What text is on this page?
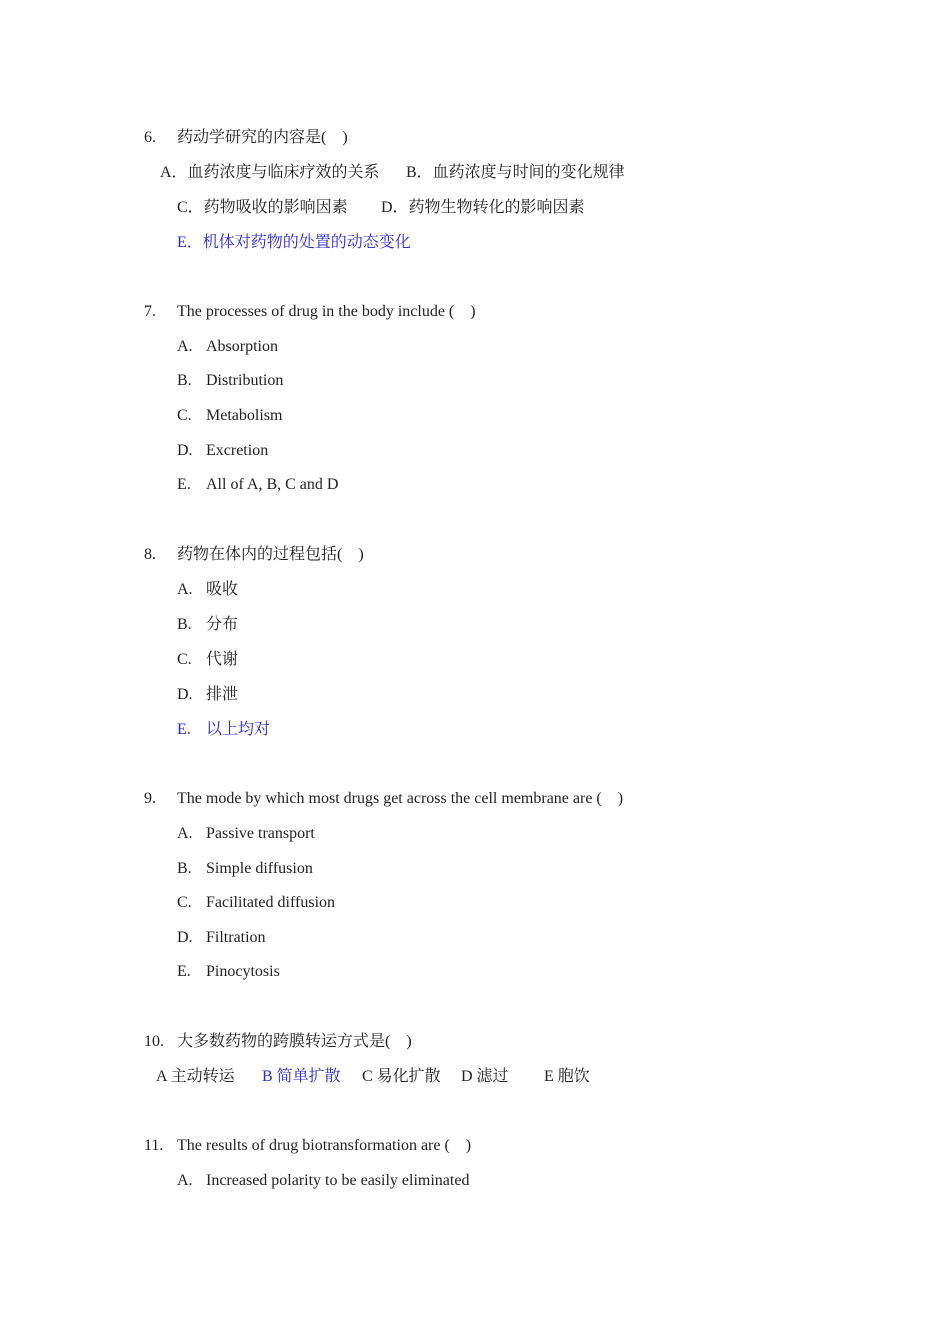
6. 药动学研究的内容是(    )
A．血药浓度与临床疗效的关系 B．血药浓度与时间的变化规律
C．药物吸收的影响因素 D．药物生物转化的影响因素
E．机体对药物的处置的动态变化
7. The processes of drug in the body include (    )
A. Absorption
B. Distribution
C. Metabolism
D. Excretion
E. All of A, B, C and D
8. 药物在体内的过程包括(    )
A. 吸收
B. 分布
C. 代谢
D. 排泄
E. 以上均对
9. The mode by which most drugs get across the cell membrane are (    )
A. Passive transport
B. Simple diffusion
C. Facilitated diffusion
D. Filtration
E. Pinocytosis
10. 大多数药物的跨膜转运方式是(    )
A 主动转运 B 简单扩散 C 易化扩散 D 滤过 E 胞饮
11. The results of drug biotransformation are (    )
A. Increased polarity to be easily eliminated
